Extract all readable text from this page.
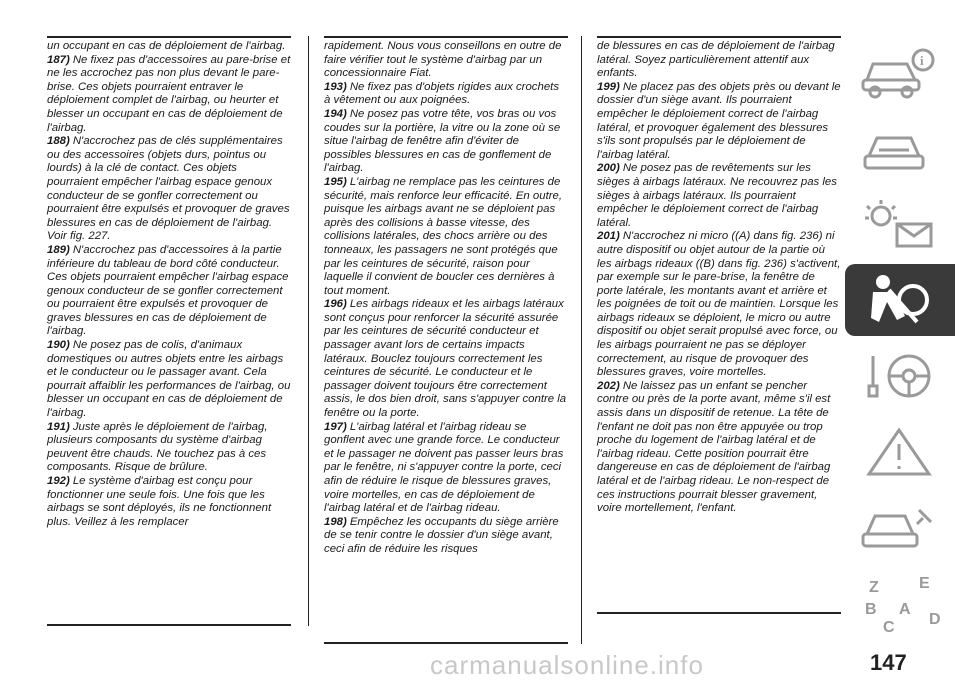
un occupant en cas de déploiement de l'airbag.

187) Ne fixez pas d'accessoires au pare-brise et ne les accrochez pas non plus devant le pare-brise. Ces objets pourraient entraver le déploiement complet de l'airbag, ou heurter et blesser un occupant en cas de déploiement de l'airbag.

188) N'accrochez pas de clés supplémentaires ou des accessoires (objets durs, pointus ou lourds) à la clé de contact. Ces objets pourraient empêcher l'airbag espace genoux conducteur de se gonfler correctement ou pourraient être expulsés et provoquer de graves blessures en cas de déploiement de l'airbag. Voir fig. 227.

189) N'accrochez pas d'accessoires à la partie inférieure du tableau de bord côté conducteur. Ces objets pourraient empêcher l'airbag espace genoux conducteur de se gonfler correctement ou pourraient être expulsés et provoquer de graves blessures en cas de déploiement de l'airbag.

190) Ne posez pas de colis, d'animaux domestiques ou autres objets entre les airbags et le conducteur ou le passager avant. Cela pourrait affaiblir les performances de l'airbag, ou blesser un occupant en cas de déploiement de l'airbag.

191) Juste après le déploiement de l'airbag, plusieurs composants du système d'airbag peuvent être chauds. Ne touchez pas à ces composants. Risque de brûlure.

192) Le système d'airbag est conçu pour fonctionner une seule fois. Une fois que les airbags se sont déployés, ils ne fonctionnent plus. Veillez à les remplacer

rapidement. Nous vous conseillons en outre de faire vérifier tout le système d'airbag par un concessionnaire Fiat.

193) Ne fixez pas d'objets rigides aux crochets à vêtement ou aux poignées.

194) Ne posez pas votre tête, vos bras ou vos coudes sur la portière, la vitre ou la zone où se situe l'airbag de fenêtre afin d'éviter de possibles blessures en cas de gonflement de l'airbag.

195) L'airbag ne remplace pas les ceintures de sécurité, mais renforce leur efficacité. En outre, puisque les airbags avant ne se déploient pas après des collisions à basse vitesse, des collisions latérales, des chocs arrière ou des tonneaux, les passagers ne sont protégés que par les ceintures de sécurité, raison pour laquelle il convient de boucler ces dernières à tout moment.

196) Les airbags rideaux et les airbags latéraux sont conçus pour renforcer la sécurité assurée par les ceintures de sécurité conducteur et passager avant lors de certains impacts latéraux. Bouclez toujours correctement les ceintures de sécurité. Le conducteur et le passager doivent toujours être correctement assis, le dos bien droit, sans s'appuyer contre la fenêtre ou la porte.

197) L'airbag latéral et l'airbag rideau se gonflent avec une grande force. Le conducteur et le passager ne doivent pas passer leurs bras par le fenêtre, ni s'appuyer contre la porte, ceci afin de réduire le risque de blessures graves, voire mortelles, en cas de déploiement de l'airbag latéral et de l'airbag rideau.

198) Empêchez les occupants du siège arrière de se tenir contre le dossier d'un siège avant, ceci afin de réduire les risques

de blessures en cas de déploiement de l'airbag latéral. Soyez particulièrement attentif aux enfants.

199) Ne placez pas des objets près ou devant le dossier d'un siège avant. Ils pourraient empêcher le déploiement correct de l'airbag latéral, et provoquer également des blessures s'ils sont propulsés par le déploiement de l'airbag latéral.

200) Ne posez pas de revêtements sur les sièges à airbags latéraux. Ne recouvrez pas les sièges à airbags latéraux. Ils pourraient empêcher le déploiement correct de l'airbag latéral.

201) N'accrochez ni micro ((A) dans fig. 236) ni autre dispositif ou objet autour de la partie où les airbags rideaux ((B) dans fig. 236) s'activent, par exemple sur le pare-brise, la fenêtre de porte latérale, les montants avant et arrière et les poignées de toit ou de maintien. Lorsque les airbags rideaux se déploient, le micro ou autre dispositif ou objet serait propulsé avec force, ou les airbags pourraient ne pas se déployer correctement, au risque de provoquer des blessures graves, voire mortelles.

202) Ne laissez pas un enfant se pencher contre ou près de la porte avant, même s'il est assis dans un dispositif de retenue. La tête de l'enfant ne doit pas non être appuyée ou trop proche du logement de l'airbag latéral et de l'airbag rideau. Cette position pourrait être dangereuse en cas de déploiement de l'airbag latéral et de l'airbag rideau. Le non-respect de ces instructions pourrait blesser gravement, voire mortellement, l'enfant.

i
Z	E
B A
C D
carmanualsonline.info	147
